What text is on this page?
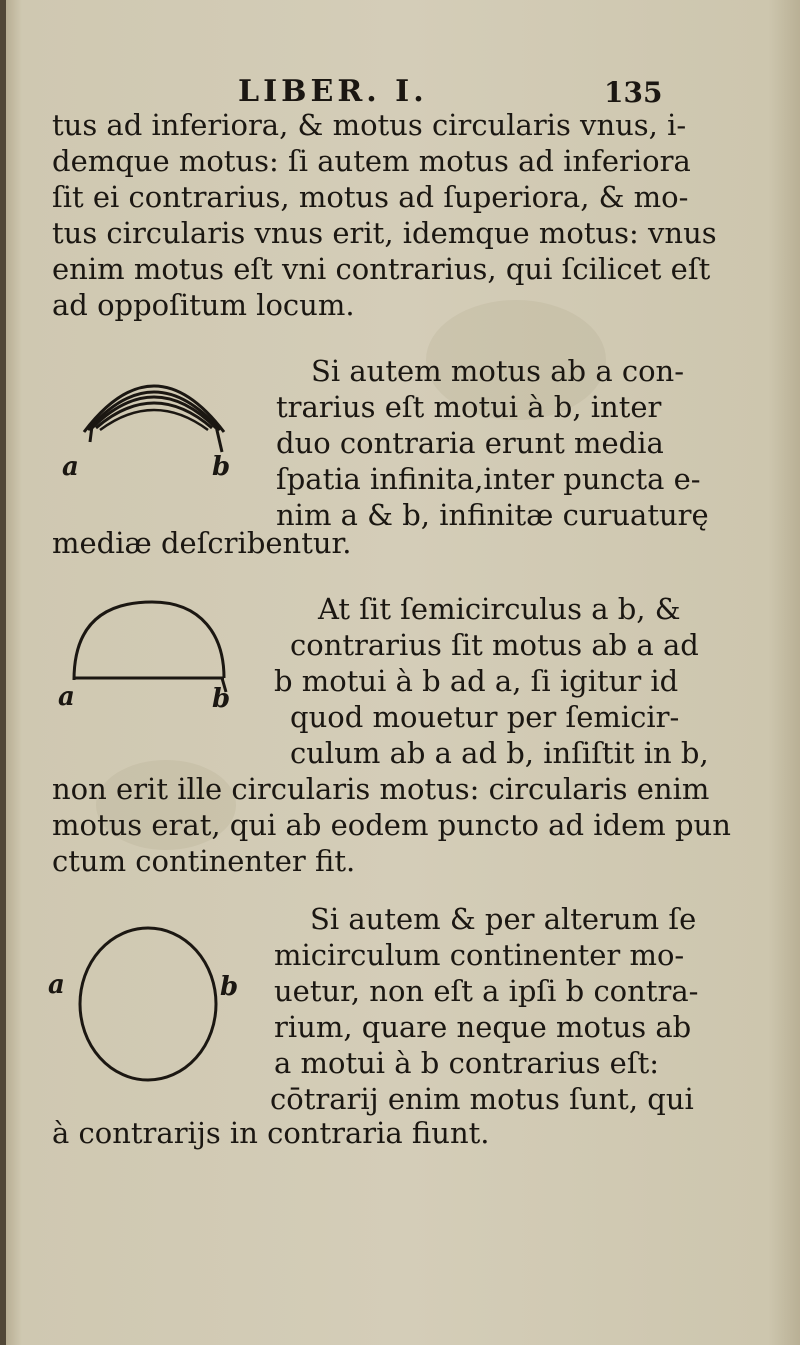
LIBER. I.	135
tus ad inferiora, & motus circularis vnus, i-
demque motus: ſi autem motus ad inferiora
ſit ei contrarius, motus ad ſuperiora, & mo-
tus circularis vnus erit, idemque motus: vnus
enim motus eſt vni contrarius, qui ſcilicet eſt
ad oppoſitum locum.
a	b
Si autem motus ab a con-
trarius eſt motui à b, inter
duo contraria erunt media
ſpatia infinita,inter puncta e-
nim a & b, infinitæ curuaturę
mediæ deſcribentur.
a	b
At ſit ſemicirculus a b, &
contrarius ſit motus ab a ad
b motui à b ad a, ſi igitur id
quod mouetur per ſemicir-
culum ab a ad b, inſiſtit in b,
non erit ille circularis motus: circularis enim
motus erat, qui ab eodem puncto ad idem pun
ctum continenter fit.
a	b
Si autem & per alterum ſe
micirculum continenter mo-
uetur, non eſt a ipſi b contra-
rium, quare neque motus ab
a motui à b contrarius eſt:
cōtrarij enim motus ſunt, qui
à contrarijs in contraria fiunt.
